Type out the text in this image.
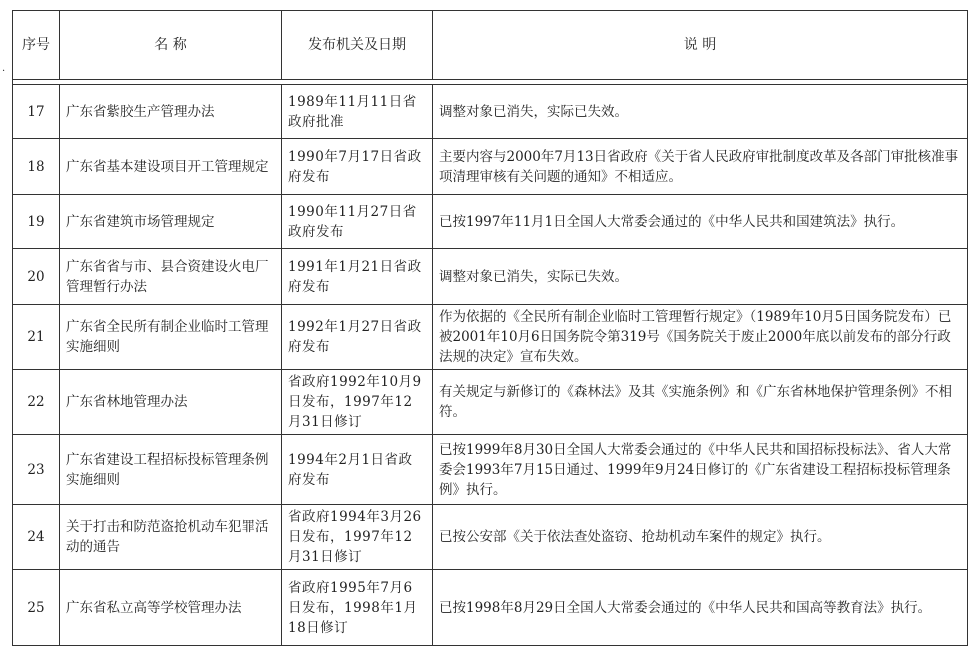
·
序号	名 称	发布机关及日期	说 明

17	广东省紫胶生产管理办法	1989年11月11日省政府批准	调整对象已消失，实际已失效。
18	广东省基本建设项目开工管理规定	1990年7月17日省政府发布	主要内容与2000年7月13日省政府《关于省人民政府审批制度改革及各部门审批核准事项清理审核有关问题的通知》不相适应。
19	广东省建筑市场管理规定	1990年11月27日省政府发布	已按1997年11月1日全国人大常委会通过的《中华人民共和国建筑法》执行。
20	广东省省与市、县合资建设火电厂管理暂行办法	1991年1月21日省政府发布	调整对象已消失，实际已失效。
21	广东省全民所有制企业临时工管理实施细则	1992年1月27日省政府发布	作为依据的《全民所有制企业临时工管理暂行规定》（1989年10月5日国务院发布）已被2001年10月6日国务院令第319号《国务院关于废止2000年底以前发布的部分行政法规的决定》宣布失效。
22	广东省林地管理办法	省政府1992年10月9日发布，1997年12月31日修订	有关规定与新修订的《森林法》及其《实施条例》和《广东省林地保护管理条例》不相符。
23	广东省建设工程招标投标管理条例实施细则	1994年2月1日省政府发布	已按1999年8月30日全国人大常委会通过的《中华人民共和国招标投标法》、省人大常委会1993年7月15日通过、1999年9月24日修订的《广东省建设工程招标投标管理条例》执行。
24	关于打击和防范盗抢机动车犯罪活动的通告	省政府1994年3月26日发布，1997年12月31日修订	已按公安部《关于依法查处盗窃、抢劫机动车案件的规定》执行。
25	广东省私立高等学校管理办法	省政府1995年7月6日发布，1998年1月18日修订	已按1998年8月29日全国人大常委会通过的《中华人民共和国高等教育法》执行。
